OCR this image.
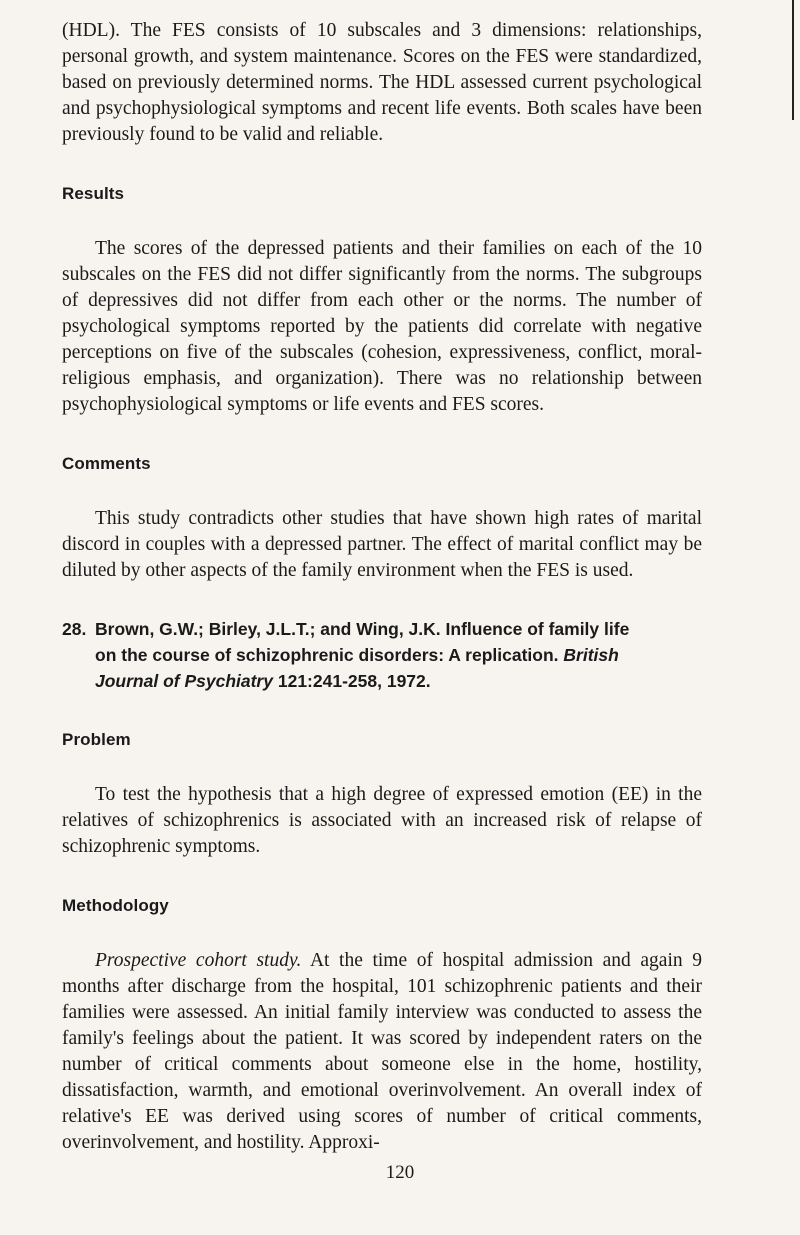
(HDL). The FES consists of 10 subscales and 3 dimensions: relationships, personal growth, and system maintenance. Scores on the FES were standardized, based on previously determined norms. The HDL assessed current psychological and psychophysiological symptoms and recent life events. Both scales have been previously found to be valid and reliable.

Results

The scores of the depressed patients and their families on each of the 10 subscales on the FES did not differ significantly from the norms. The subgroups of depressives did not differ from each other or the norms. The number of psychological symptoms reported by the patients did correlate with negative perceptions on five of the subscales (cohesion, expressiveness, conflict, moral-religious emphasis, and organization). There was no relationship between psychophysiological symptoms or life events and FES scores.

Comments

This study contradicts other studies that have shown high rates of marital discord in couples with a depressed partner. The effect of marital conflict may be diluted by other aspects of the family environment when the FES is used.

28. Brown, G.W.; Birley, J.L.T.; and Wing, J.K. Influence of family life
on the course of schizophrenic disorders: A replication. British
Journal of Psychiatry 121:241-258, 1972.

Problem

To test the hypothesis that a high degree of expressed emotion (EE) in the relatives of schizophrenics is associated with an increased risk of relapse of schizophrenic symptoms.

Methodology

Prospective cohort study. At the time of hospital admission and again 9 months after discharge from the hospital, 101 schizophrenic patients and their families were assessed. An initial family interview was conducted to assess the family's feelings about the patient. It was scored by independent raters on the number of critical comments about someone else in the home, hostility, dissatisfaction, warmth, and emotional overinvolvement. An overall index of relative's EE was derived using scores of number of critical comments, overinvolvement, and hostility. Approxi-

120
